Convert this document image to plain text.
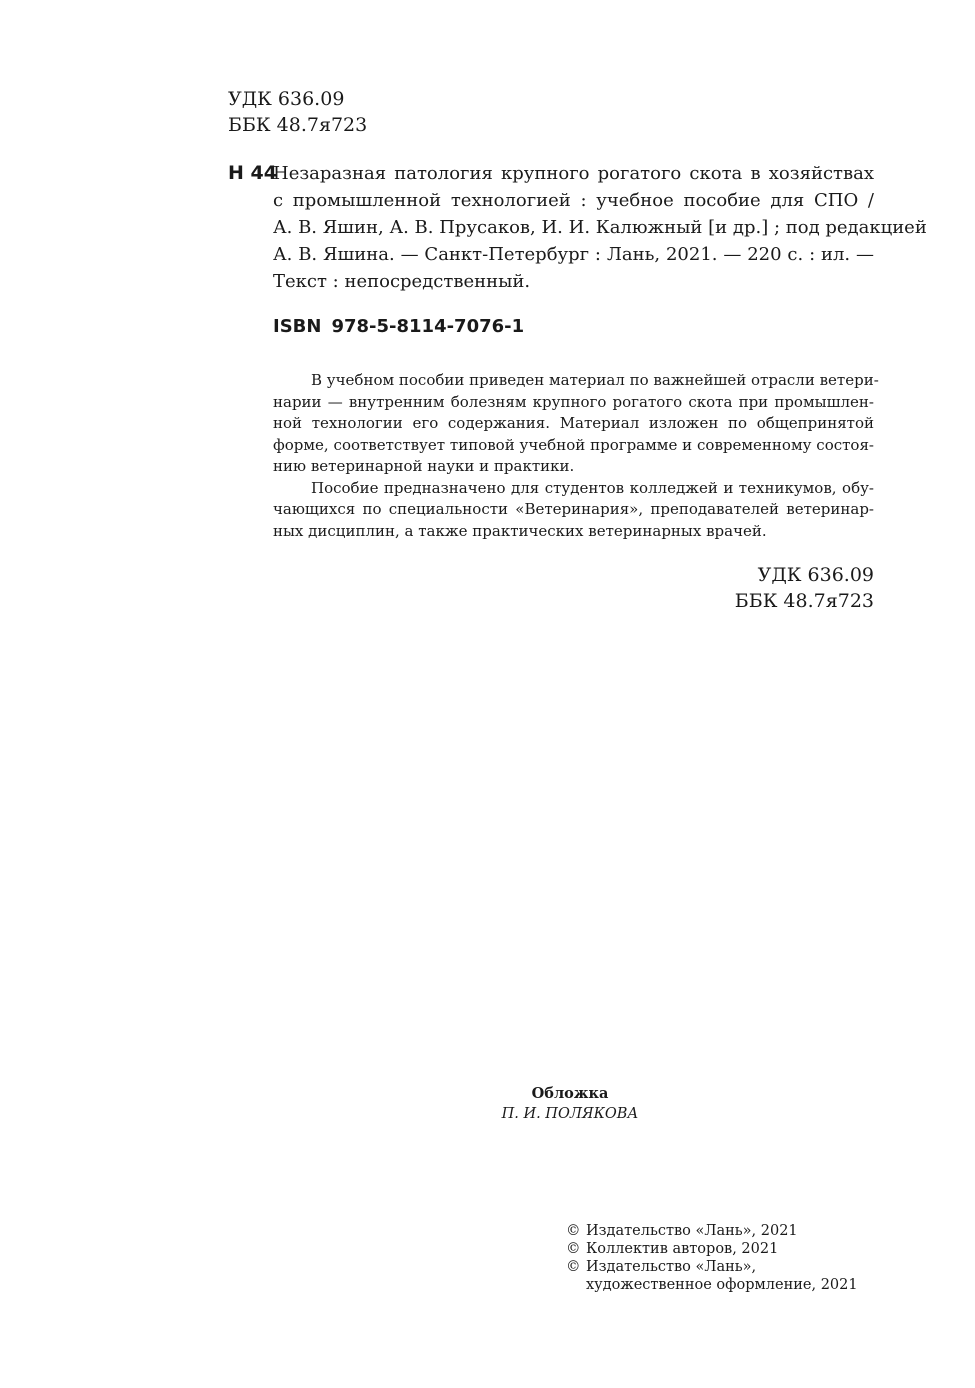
УДК 636.09
ББК 48.7я723
Н 44
Незаразная патология крупного рогатого скота в хозяйствах
с промышленной технологией : учебное пособие для СПО /
А. В. Яшин, А. В. Прусаков, И. И. Калюжный [и др.] ; под редакцией
А. В. Яшина. — Санкт-Петербург : Лань, 2021. — 220 с. : ил. —
Текст : непосредственный.
ISBN 978-5-8114-7076-1
В учебном пособии приведен материал по важнейшей отрасли ветери-
нарии — внутренним болезням крупного рогатого скота при промышлен-
ной технологии его содержания. Материал изложен по общепринятой
форме, соответствует типовой учебной программе и современному состоя-
нию ветеринарной науки и практики.
Пособие предназначено для студентов колледжей и техникумов, обу-
чающихся по специальности «Ветеринария», преподавателей ветеринар-
ных дисциплин, а также практических ветеринарных врачей.
УДК 636.09
ББК 48.7я723
Обложка
П. И. ПОЛЯКОВА
© Издательство «Лань», 2021
© Коллектив авторов, 2021
© Издательство «Лань»,
художественное оформление, 2021
